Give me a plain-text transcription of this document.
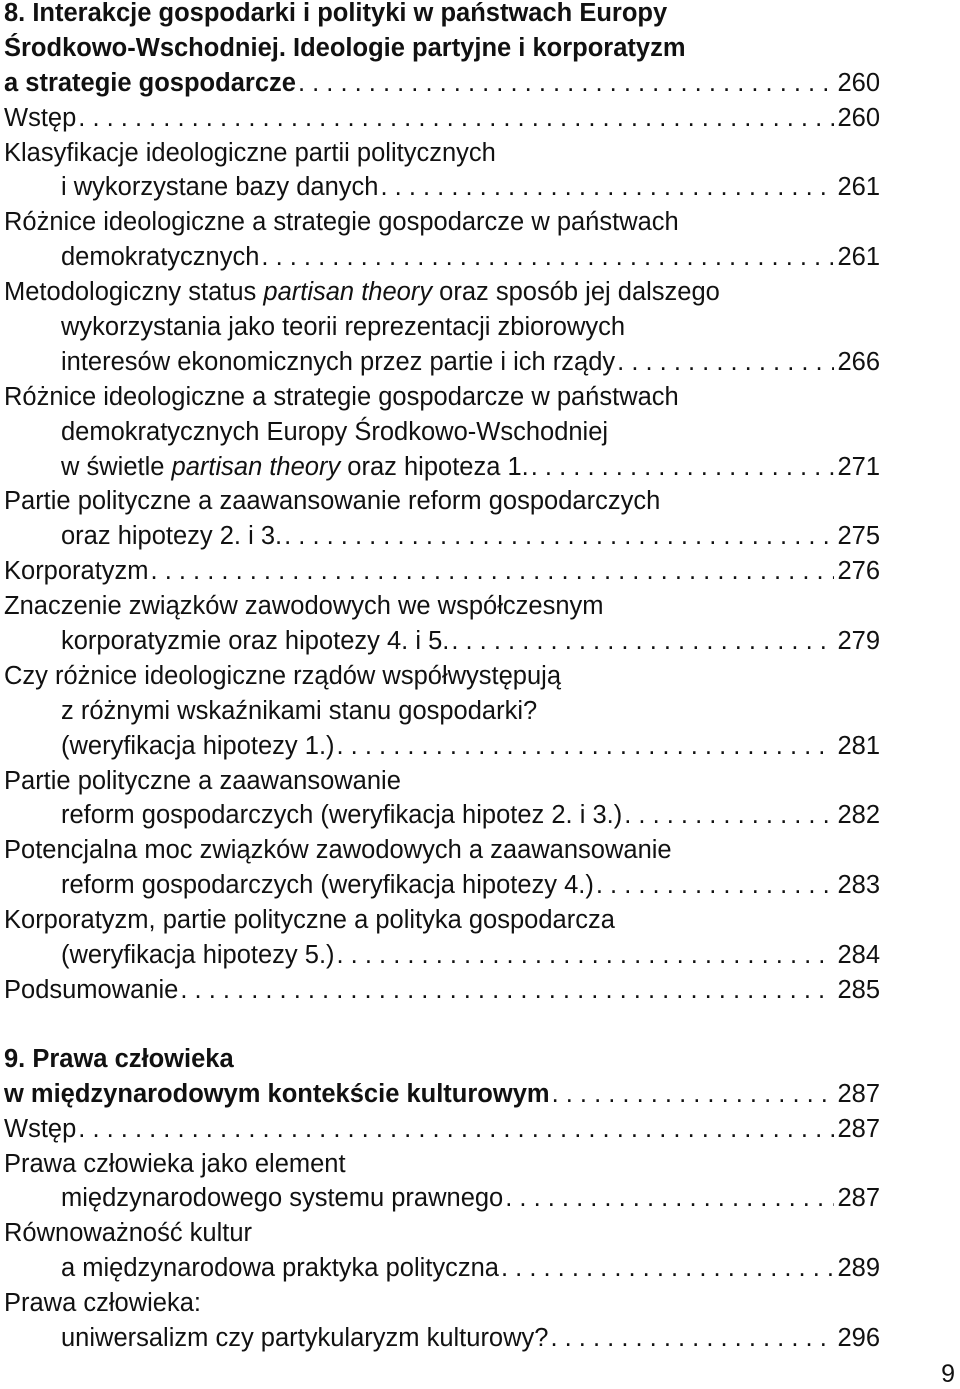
8. Interakcje gospodarki i polityki w państwach Europy
Środkowo-Wschodniej. Ideologie partyjne i korporatyzm
a strategie gospodarcze . . .	260
Wstęp . . .	260
Klasyfikacje ideologiczne partii politycznych
i wykorzystane bazy danych . . .	261
Różnice ideologiczne a strategie gospodarcze w państwach
demokratycznych . . .	261
Metodologiczny status partisan theory oraz sposób jej dalszego
wykorzystania jako teorii reprezentacji zbiorowych
interesów ekonomicznych przez partie i ich rządy . . .	266
Różnice ideologiczne a strategie gospodarcze w państwach
demokratycznych Europy Środkowo-Wschodniej
w świetle partisan theory oraz hipoteza 1. . . .	271
Partie polityczne a zaawansowanie reform gospodarczych
oraz hipotezy 2. i 3. . . .	275
Korporatyzm . . .	276
Znaczenie związków zawodowych we współczesnym
korporatyzmie oraz hipotezy 4. i 5. . . .	279
Czy różnice ideologiczne rządów współwystępują
z różnymi wskaźnikami stanu gospodarki?
(weryfikacja hipotezy 1.) . . .	281
Partie polityczne a zaawansowanie
reform gospodarczych (weryfikacja hipotez 2. i 3.) . . .	282
Potencjalna moc związków zawodowych a zaawansowanie
reform gospodarczych (weryfikacja hipotezy 4.) . . .	283
Korporatyzm, partie polityczne a polityka gospodarcza
(weryfikacja hipotezy 5.) . . .	284
Podsumowanie . . .	285
9. Prawa człowieka
w międzynarodowym kontekście kulturowym . . .	287
Wstęp . . .	287
Prawa człowieka jako element
międzynarodowego systemu prawnego . . .	287
Równoważność kultur
a międzynarodowa praktyka polityczna . . .	289
Prawa człowieka:
uniwersalizm czy partykularyzm kulturowy? . . .	296
9
